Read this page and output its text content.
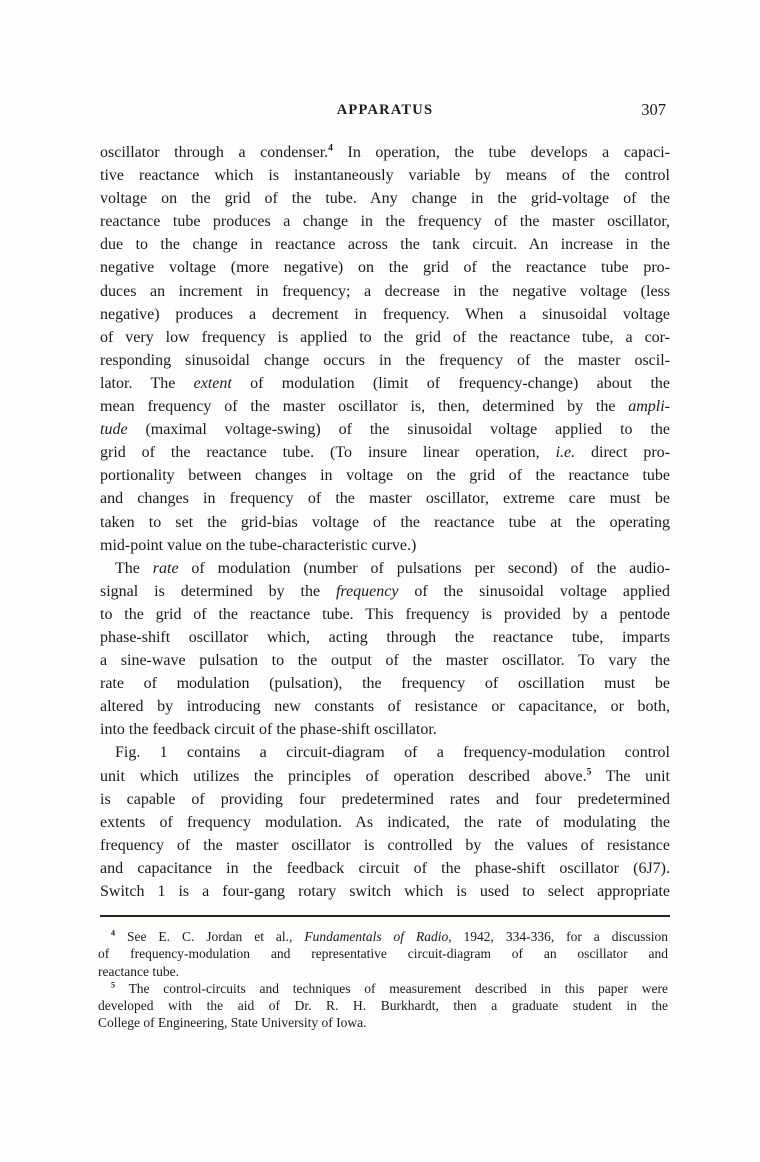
APPARATUS	307
oscillator through a condenser.$^4$ In operation, the tube develops a capaci-
tive reactance which is instantaneously variable by means of the control
voltage on the grid of the tube. Any change in the grid-voltage of the
reactance tube produces a change in the frequency of the master oscillator,
due to the change in reactance across the tank circuit. An increase in the
negative voltage (more negative) on the grid of the reactance tube pro-
duces an increment in frequency; a decrease in the negative voltage (less
negative) produces a decrement in frequency. When a sinusoidal voltage
of very low frequency is applied to the grid of the reactance tube, a cor-
responding sinusoidal change occurs in the frequency of the master oscil-
lator. The extent of modulation (limit of frequency-change) about the
mean frequency of the master oscillator is, then, determined by the ampli-
tude (maximal voltage-swing) of the sinusoidal voltage applied to the
grid of the reactance tube. (To insure linear operation, i.e. direct pro-
portionality between changes in voltage on the grid of the reactance tube
and changes in frequency of the master oscillator, extreme care must be
taken to set the grid-bias voltage of the reactance tube at the operating
mid-point value on the tube-characteristic curve.)
The rate of modulation (number of pulsations per second) of the audio-
signal is determined by the frequency of the sinusoidal voltage applied
to the grid of the reactance tube. This frequency is provided by a pentode
phase-shift oscillator which, acting through the reactance tube, imparts
a sine-wave pulsation to the output of the master oscillator. To vary the
rate of modulation (pulsation), the frequency of oscillation must be
altered by introducing new constants of resistance or capacitance, or both,
into the feedback circuit of the phase-shift oscillator.
Fig. 1 contains a circuit-diagram of a frequency-modulation control
unit which utilizes the principles of operation described above.$^5$ The unit
is capable of providing four predetermined rates and four predetermined
extents of frequency modulation. As indicated, the rate of modulating the
frequency of the master oscillator is controlled by the values of resistance
and capacitance in the feedback circuit of the phase-shift oscillator (6J7).
Switch 1 is a four-gang rotary switch which is used to select appropriate
$^4$ See E. C. Jordan et al., Fundamentals of Radio, 1942, 334-336, for a discussion
of frequency-modulation and representative circuit-diagram of an oscillator and
reactance tube.
$^5$ The control-circuits and techniques of measurement described in this paper were
developed with the aid of Dr. R. H. Burkhardt, then a graduate student in the
College of Engineering, State University of Iowa.
